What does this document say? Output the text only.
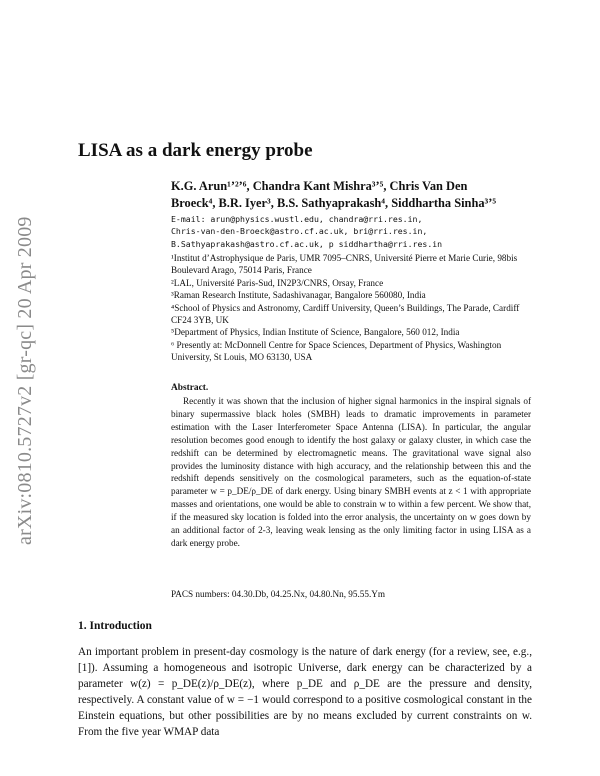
arXiv:0810.5727v2 [gr-qc] 20 Apr 2009
LISA as a dark energy probe
K.G. Arun¹ʼ²ʼ⁶, Chandra Kant Mishra³ʼ⁵, Chris Van Den
Broeck⁴, B.R. Iyer³, B.S. Sathyaprakash⁴, Siddhartha Sinha³ʼ⁵
E-mail: arun@physics.wustl.edu, chandra@rri.res.in,
Chris-van-den-Broeck@astro.cf.ac.uk, bri@rri.res.in,
B.Sathyaprakash@astro.cf.ac.uk, p siddhartha@rri.res.in

¹Institut d’Astrophysique de Paris, UMR 7095–CNRS, Université Pierre et Marie Curie, 98bis Boulevard Arago, 75014 Paris, France

²LAL, Université Paris-Sud, IN2P3/CNRS, Orsay, France

³Raman Research Institute, Sadashivanagar, Bangalore 560080, India

⁴School of Physics and Astronomy, Cardiff University, Queen’s Buildings, The Parade, Cardiff CF24 3YB, UK

⁵Department of Physics, Indian Institute of Science, Bangalore, 560 012, India

⁶ Presently at: McDonnell Centre for Space Sciences, Department of Physics, Washington University, St Louis, MO 63130, USA

Abstract.
Recently it was shown that the inclusion of higher signal harmonics in the inspiral signals of binary supermassive black holes (SMBH) leads to dramatic improvements in parameter estimation with the Laser Interferometer Space Antenna (LISA). In particular, the angular resolution becomes good enough to identify the host galaxy or galaxy cluster, in which case the redshift can be determined by electromagnetic means. The gravitational wave signal also provides the luminosity distance with high accuracy, and the relationship between this and the redshift depends sensitively on the cosmological parameters, such as the equation-of-state parameter w = p_DE/ρ_DE of dark energy. Using binary SMBH events at z < 1 with appropriate masses and orientations, one would be able to constrain w to within a few percent. We show that, if the measured sky location is folded into the error analysis, the uncertainty on w goes down by an additional factor of 2-3, leaving weak lensing as the only limiting factor in using LISA as a dark energy probe.
PACS numbers: 04.30.Db, 04.25.Nx, 04.80.Nn, 95.55.Ym
1. Introduction
An important problem in present-day cosmology is the nature of dark energy (for a review, see, e.g., [1]). Assuming a homogeneous and isotropic Universe, dark energy can be characterized by a parameter w(z) = p_DE(z)/ρ_DE(z), where p_DE and ρ_DE are the pressure and density, respectively. A constant value of w = −1 would correspond to a positive cosmological constant in the Einstein equations, but other possibilities are by no means excluded by current constraints on w. From the five year WMAP data
